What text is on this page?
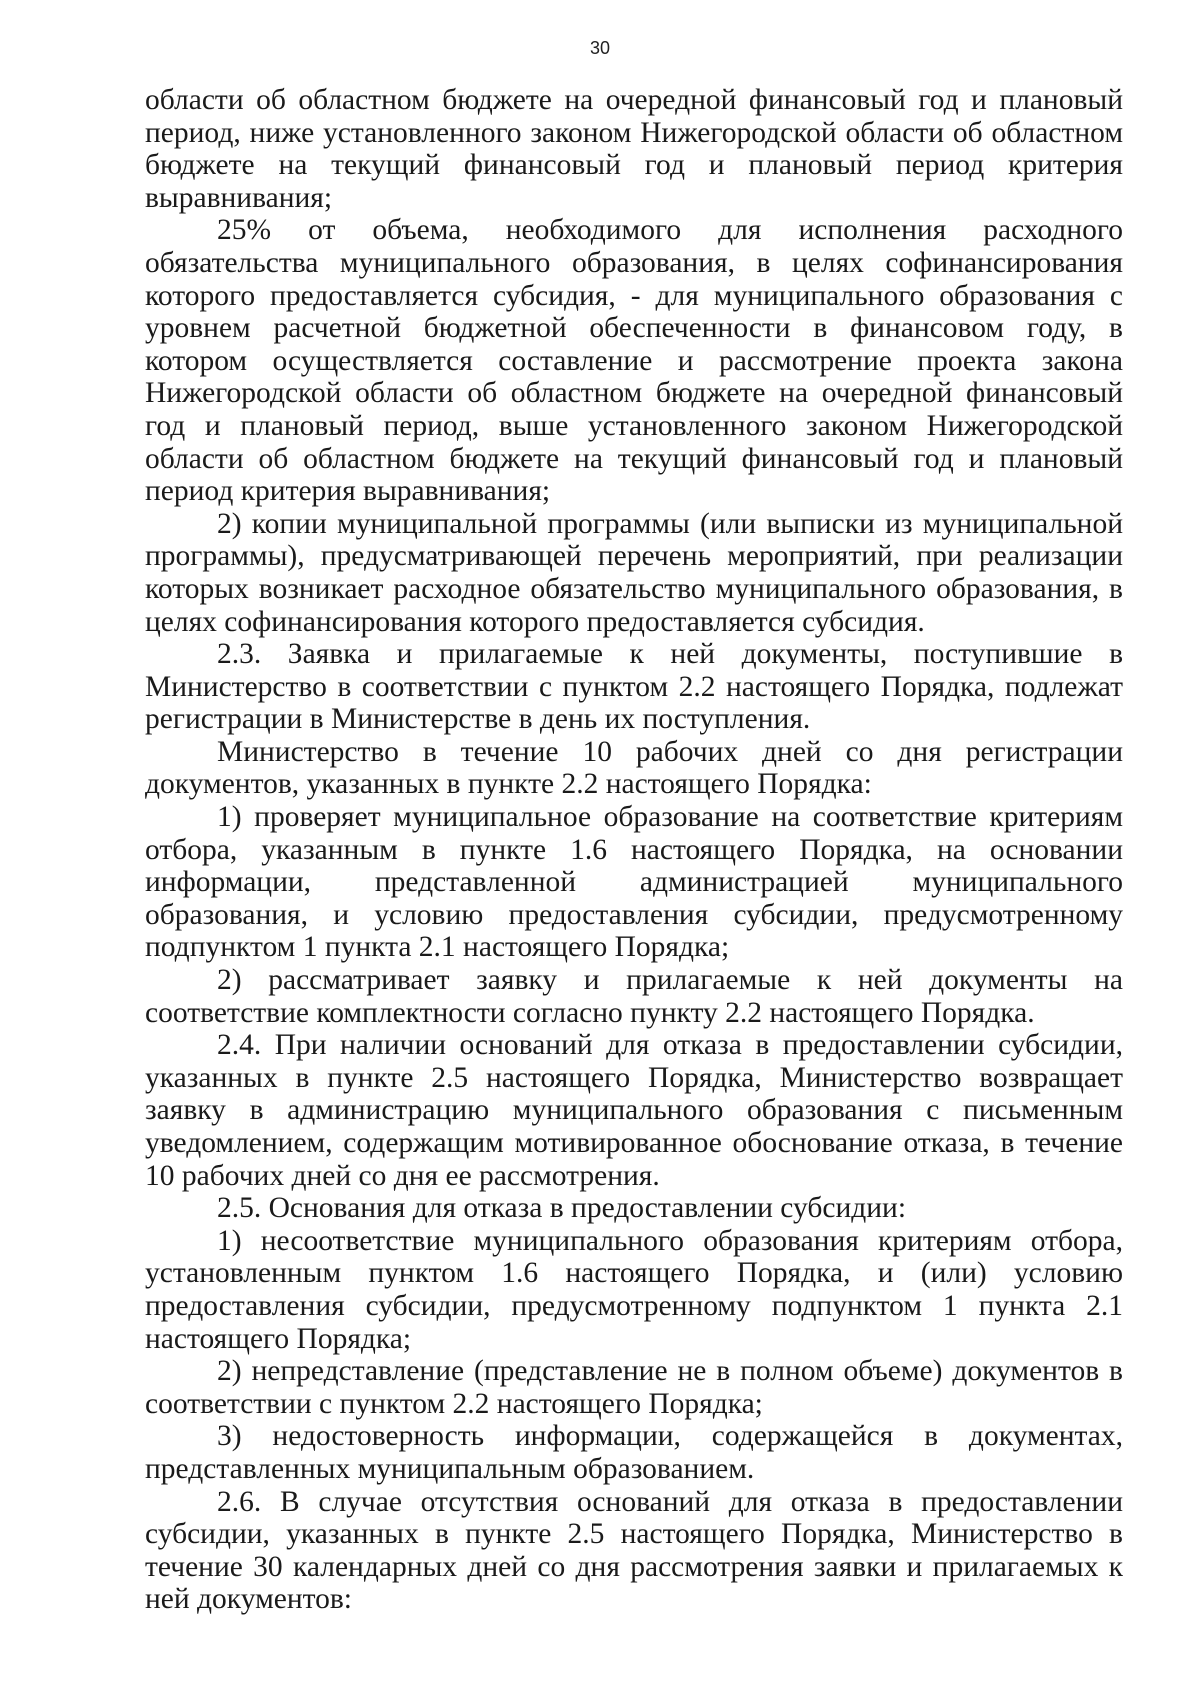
30

области об областном бюджете на очередной финансовый год и плановый период, ниже установленного законом Нижегородской области об областном бюджете на текущий финансовый год и плановый период критерия выравнивания;

25% от объема, необходимого для исполнения расходного обязательства муниципального образования, в целях софинансирования которого предоставляется субсидия, - для муниципального образования с уровнем расчетной бюджетной обеспеченности в финансовом году, в котором осуществляется составление и рассмотрение проекта закона Нижегородской области об областном бюджете на очередной финансовый год и плановый период, выше установленного законом Нижегородской области об областном бюджете на текущий финансовый год и плановый период критерия выравнивания;

2) копии муниципальной программы (или выписки из муниципальной программы), предусматривающей перечень мероприятий, при реализации которых возникает расходное обязательство муниципального образования, в целях софинансирования которого предоставляется субсидия.

2.3. Заявка и прилагаемые к ней документы, поступившие в Министерство в соответствии с пунктом 2.2 настоящего Порядка, подлежат регистрации в Министерстве в день их поступления.

Министерство в течение 10 рабочих дней со дня регистрации документов, указанных в пункте 2.2 настоящего Порядка:

1) проверяет муниципальное образование на соответствие критериям отбора, указанным в пункте 1.6 настоящего Порядка, на основании информации, представленной администрацией муниципального образования, и условию предоставления субсидии, предусмотренному подпунктом 1 пункта 2.1 настоящего Порядка;

2) рассматривает заявку и прилагаемые к ней документы на соответствие комплектности согласно пункту 2.2 настоящего Порядка.

2.4. При наличии оснований для отказа в предоставлении субсидии, указанных в пункте 2.5 настоящего Порядка, Министерство возвращает заявку в администрацию муниципального образования с письменным уведомлением, содержащим мотивированное обоснование отказа, в течение 10 рабочих дней со дня ее рассмотрения.

2.5. Основания для отказа в предоставлении субсидии:

1) несоответствие муниципального образования критериям отбора, установленным пунктом 1.6 настоящего Порядка, и (или) условию предоставления субсидии, предусмотренному подпунктом 1 пункта 2.1 настоящего Порядка;

2) непредставление (представление не в полном объеме) документов в соответствии с пунктом 2.2 настоящего Порядка;

3) недостоверность информации, содержащейся в документах, представленных муниципальным образованием.

2.6. В случае отсутствия оснований для отказа в предоставлении субсидии, указанных в пункте 2.5 настоящего Порядка, Министерство в течение 30 календарных дней со дня рассмотрения заявки и прилагаемых к ней документов:
